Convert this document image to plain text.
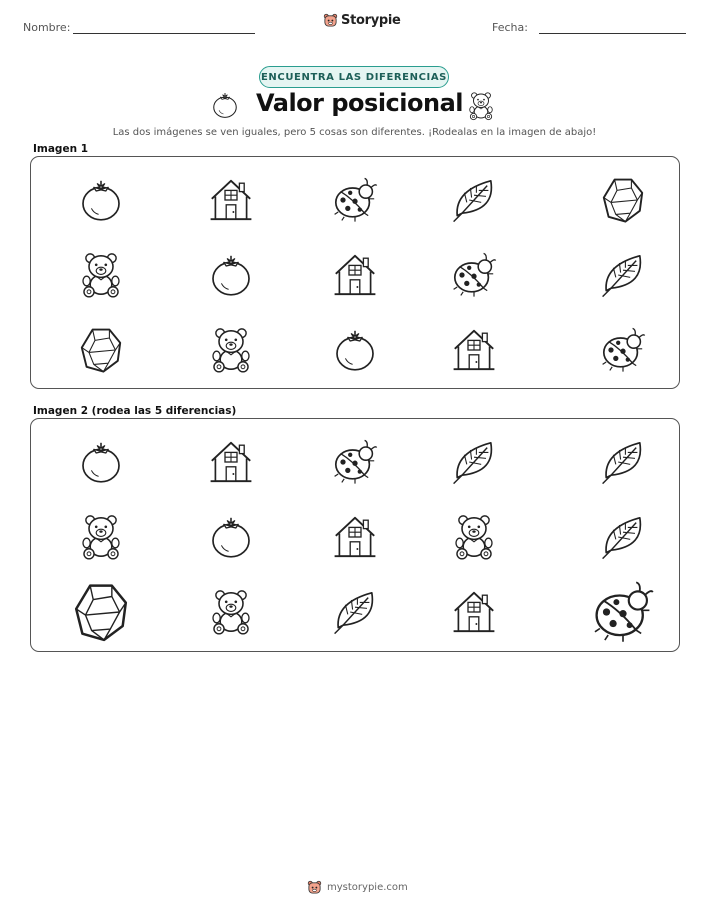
Nombre:	Storypie	Fecha:
ENCUENTRA LAS DIFERENCIAS
Valor posicional
Las dos imágenes se ven iguales, pero 5 cosas son diferentes. ¡Rodealas en la imagen de abajo!
Imagen 1
Imagen 2 (rodea las 5 diferencias)
mystorypie.com
